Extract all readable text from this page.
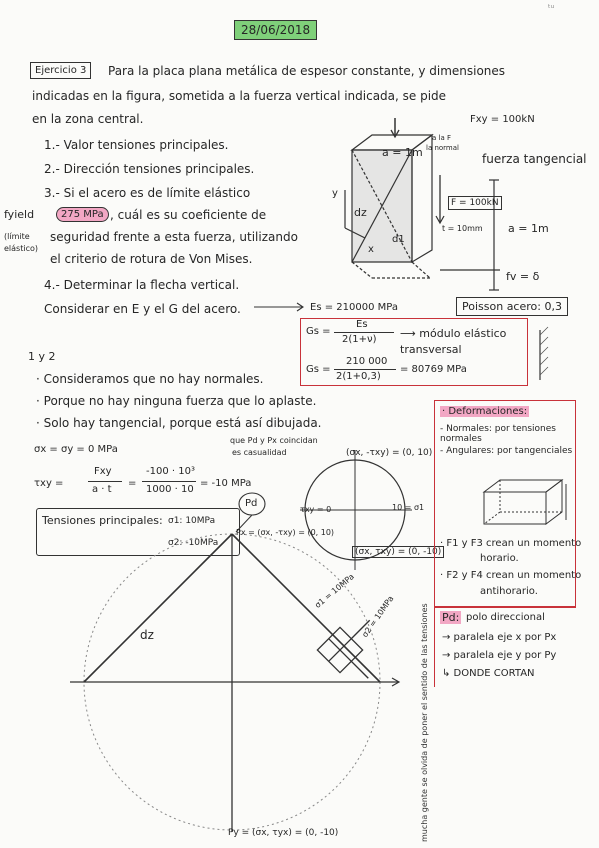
ᵗᵘ
28/06/2018
Ejercicio 3	Para la placa plana metálica de espesor constante, y dimensiones
indicadas en la figura, sometida a la fuerza vertical indicada, se pide
en la zona central.
1.- Valor tensiones principales.
2.- Dirección tensiones principales.
3.- Si el acero es de límite elástico
fyield	275 MPa , cuál es su coeficiente de
(límite
elástico)
seguridad frente a esta fuerza, utilizando
el criterio de rotura de Von Mises.
4.- Determinar la flecha vertical.
Considerar en E y el G del acero.	Es = 210000 MPa	Poisson acero: 0,3
Fxy = 100kN
a la F
la normal
fuerza tangencial
a = 1m
F = 100kN
t = 10mm a = 1m
dz
d1
y
x
fv = δ
Gs =
Es
2(1+ν) ⟶ módulo elástico transversal
Gs =
210 000
2(1+0,3)
= 80769 MPa
1 y 2
· Consideramos que no hay normales.
· Porque no hay ninguna fuerza que lo aplaste.
· Solo hay tangencial, porque está así dibujada.
σx = σy = 0 MPa
τxy =
Fxy
a · t
=
-100 · 10³
1000 · 10
= -10 MPa
que Pd y Px coincidan
es casualidad
Tensiones principales: σ1: 10MPa
σ2: -10MPa
(σx, -τxy) = (0, 10)
(σx, τxy) = (0, -10)
τxy = 0	10 = σ1
Pd
Px = (σx, -τxy) = (0, 10)
Py = (σx, τyx) = (0, -10)
dz
σ1 = 10MPa
σ2 = 10MPa
· Deformaciones:
- Normales: por tensiones normales
- Angulares: por tangenciales
· F1 y F3 crean un momento
horario.
· F2 y F4 crean un momento
antihorario.
Pd: polo direccional
→ paralela eje x por Px
→ paralela eje y por Py
↳ DONDE CORTAN
mucha gente se olvida de poner el sentido de las tensiones
